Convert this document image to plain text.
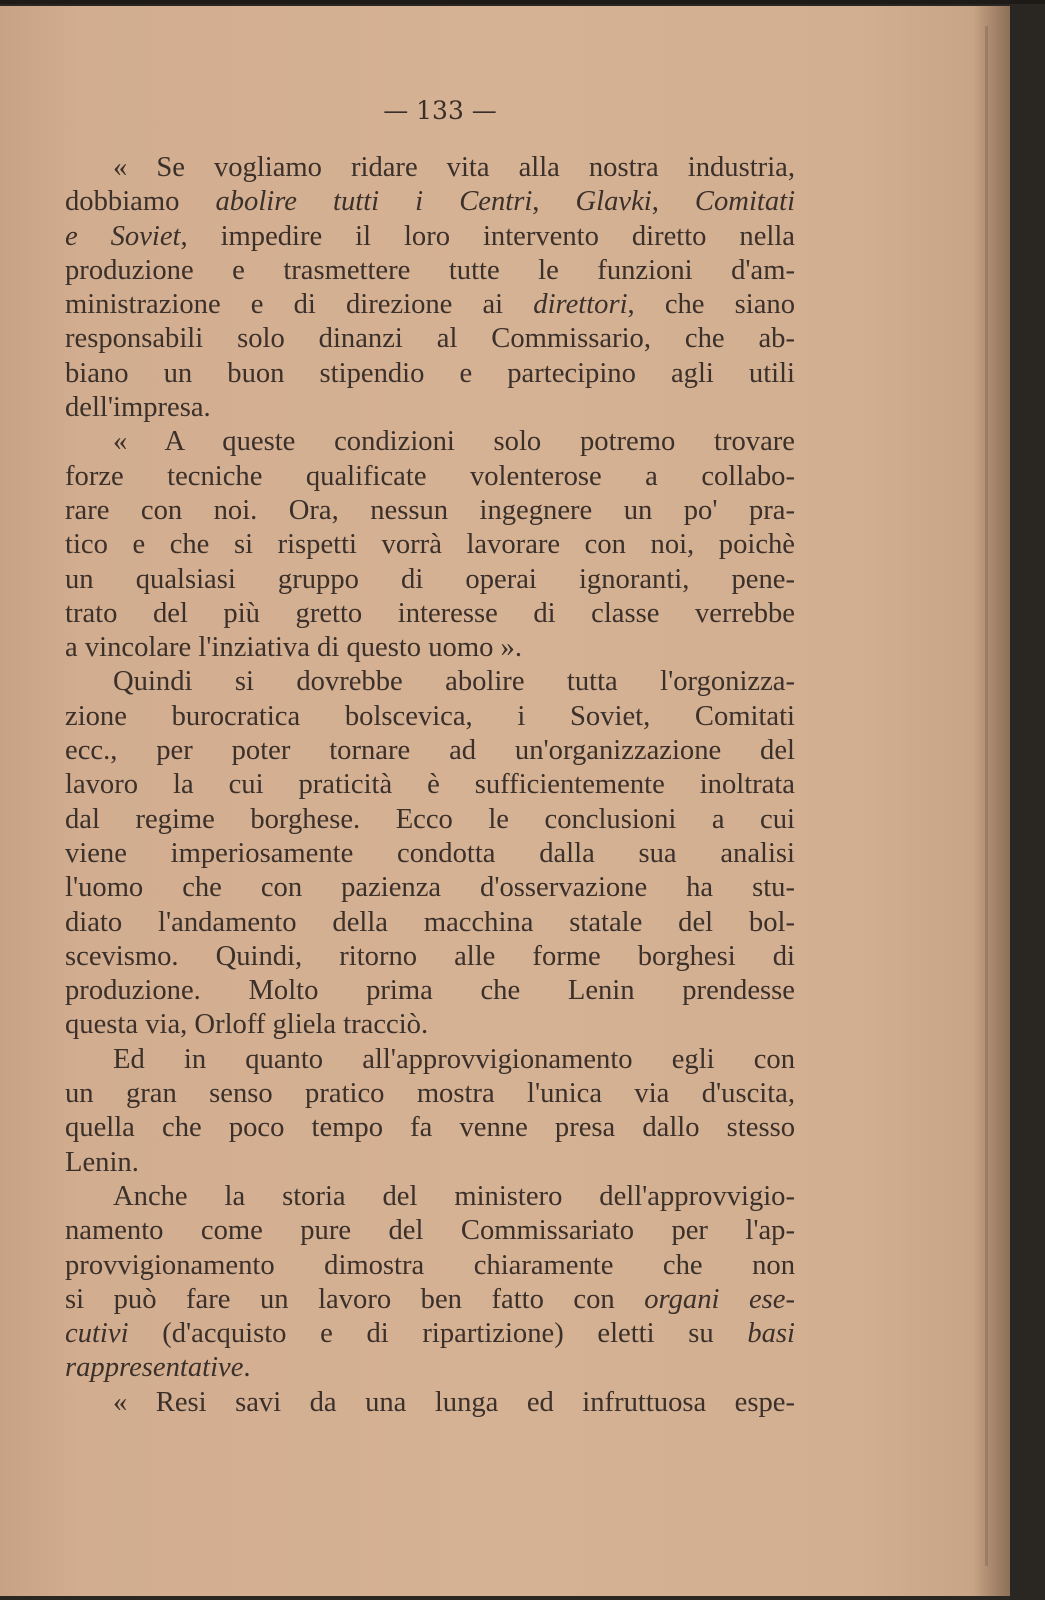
— 133 —
« Se vogliamo ridare vita alla nostra industria,
dobbiamo abolire tutti i Centri, Glavki, Comitati
e Soviet, impedire il loro intervento diretto nella
produzione e trasmettere tutte le funzioni d'am-
ministrazione e di direzione ai direttori, che siano
responsabili solo dinanzi al Commissario, che ab-
biano un buon stipendio e partecipino agli utili
dell'impresa.
« A queste condizioni solo potremo trovare
forze tecniche qualificate volenterose a collabo-
rare con noi. Ora, nessun ingegnere un po' pra-
tico e che si rispetti vorrà lavorare con noi, poichè
un qualsiasi gruppo di operai ignoranti, pene-
trato del più gretto interesse di classe verrebbe
a vincolare l'inziativa di questo uomo ».
Quindi si dovrebbe abolire tutta l'orgonizza-
zione burocratica bolscevica, i Soviet, Comitati
ecc., per poter tornare ad un'organizzazione del
lavoro la cui praticità è sufficientemente inoltrata
dal regime borghese. Ecco le conclusioni a cui
viene imperiosamente condotta dalla sua analisi
l'uomo che con pazienza d'osservazione ha stu-
diato l'andamento della macchina statale del bol-
scevismo. Quindi, ritorno alle forme borghesi di
produzione. Molto prima che Lenin prendesse
questa via, Orloff gliela tracciò.
Ed in quanto all'approvvigionamento egli con
un gran senso pratico mostra l'unica via d'uscita,
quella che poco tempo fa venne presa dallo stesso
Lenin.
Anche la storia del ministero dell'approvvigio-
namento come pure del Commissariato per l'ap-
provvigionamento dimostra chiaramente che non
si può fare un lavoro ben fatto con organi ese-
cutivi (d'acquisto e di ripartizione) eletti su basi
rappresentative.
« Resi savi da una lunga ed infruttuosa espe-
